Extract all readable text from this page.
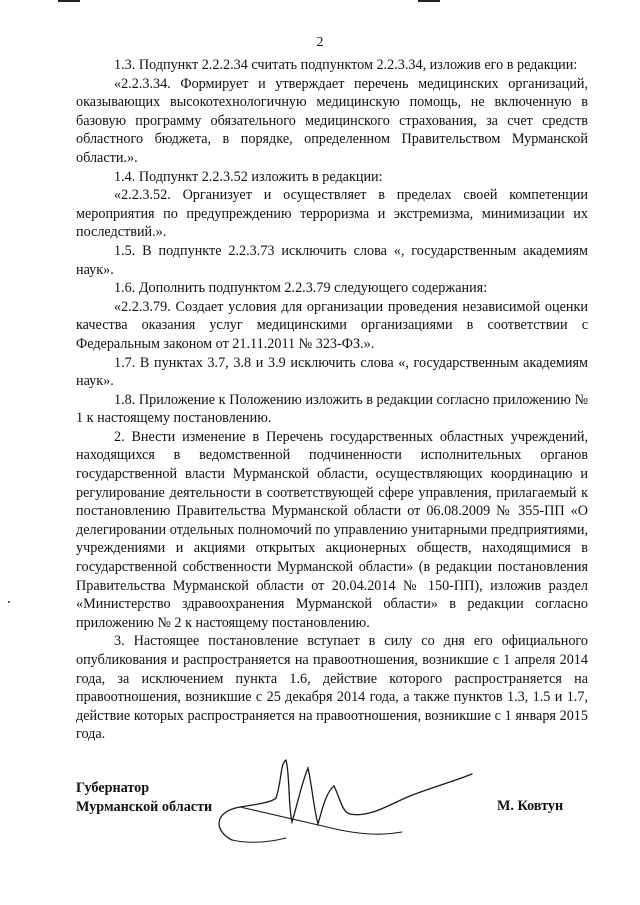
2

1.3. Подпункт 2.2.2.34 считать подпунктом 2.2.3.34, изложив его в редакции:

«2.2.3.34. Формирует и утверждает перечень медицинских организаций, оказывающих высокотехнологичную медицинскую помощь, не включенную в базовую программу обязательного медицинского страхования, за счет средств областного бюджета, в порядке, определенном Правительством Мурманской области.».

1.4. Подпункт 2.2.3.52 изложить в редакции:

«2.2.3.52. Организует и осуществляет в пределах своей компетенции мероприятия по предупреждению терроризма и экстремизма, минимизации их последствий.».

1.5. В подпункте 2.2.3.73 исключить слова «, государственным академиям наук».

1.6. Дополнить подпунктом 2.2.3.79 следующего содержания:

«2.2.3.79. Создает условия для организации проведения независимой оценки качества оказания услуг медицинскими организациями в соответствии с Федеральным законом от 21.11.2011 № 323-ФЗ.».

1.7. В пунктах 3.7, 3.8 и 3.9 исключить слова «, государственным академиям наук».

1.8. Приложение к Положению изложить в редакции согласно приложению № 1 к настоящему постановлению.

2. Внести изменение в Перечень государственных областных учреждений, находящихся в ведомственной подчиненности исполнительных органов государственной власти Мурманской области, осуществляющих координацию и регулирование деятельности в соответствующей сфере управления, прилагаемый к постановлению Правительства Мурманской области от 06.08.2009 № 355-ПП «О делегировании отдельных полномочий по управлению унитарными предприятиями, учреждениями и акциями открытых акционерных обществ, находящимися в государственной собственности Мурманской области» (в редакции постановления Правительства Мурманской области от 20.04.2014 № 150-ПП), изложив раздел «Министерство здравоохранения Мурманской области» в редакции согласно приложению № 2 к настоящему постановлению.

3. Настоящее постановление вступает в силу со дня его официального опубликования и распространяется на правоотношения, возникшие с 1 апреля 2014 года, за исключением пункта 1.6, действие которого распространяется на правоотношения, возникшие с 25 декабря 2014 года, а также пунктов 1.3, 1.5 и 1.7, действие которых распространяется на правоотношения, возникшие с 1 января 2015 года.

Губернатор
Мурманской области	М. Ковтун
